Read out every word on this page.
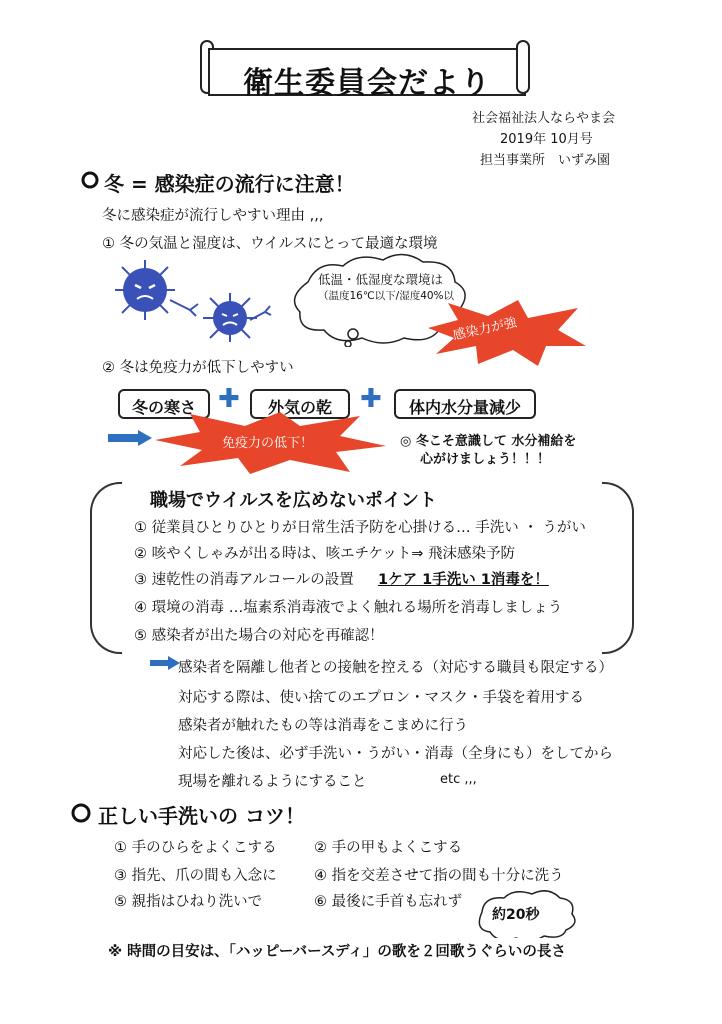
衛生委員会だより
社会福祉法人ならやま会
2019年 10月号
担当事業所　いずみ園
冬 = 感染症の流行に注意！
冬に感染症が流行しやすい理由 ,,,
① 冬の気温と湿度は、ウイルスにとって最適な環境
低温・低湿度な環境は
（温度16℃以下/湿度40%以
感染力が強
② 冬は免疫力が低下しやすい
冬の寒さ ✚	外気の乾	✚	体内水分量減少
免疫力の低下！	◎ 冬こそ意識して 水分補給を
心がけましょう！！！
職場でウイルスを広めないポイント
① 従業員ひとりひとりが日常生活予防を心掛ける… 手洗い ・ うがい
② 咳やくしゃみが出る時は、咳エチケット⇒ 飛沫感染予防
③ 速乾性の消毒アルコールの設置 1ケア 1手洗い 1消毒を！
④ 環境の消毒 …塩素系消毒液でよく触れる場所を消毒しましょう
⑤ 感染者が出た場合の対応を再確認！
感染者を隔離し他者との接触を控える（対応する職員も限定する）
対応する際は、使い捨てのエプロン・マスク・手袋を着用する
感染者が触れたもの等は消毒をこまめに行う
対応した後は、必ず手洗い・うがい・消毒（全身にも）をしてから
現場を離れるようにすること	etc ,,,
正しい手洗いの コツ！
① 手のひらをよくこする	② 手の甲もよくこする
③ 指先、爪の間も入念に	④ 指を交差させて指の間も十分に洗う
⑤ 親指はひねり洗いで	⑥ 最後に手首も忘れず
約20秒
※ 時間の目安は、「ハッピーバースディ」の歌を２回歌うぐらいの長さ
